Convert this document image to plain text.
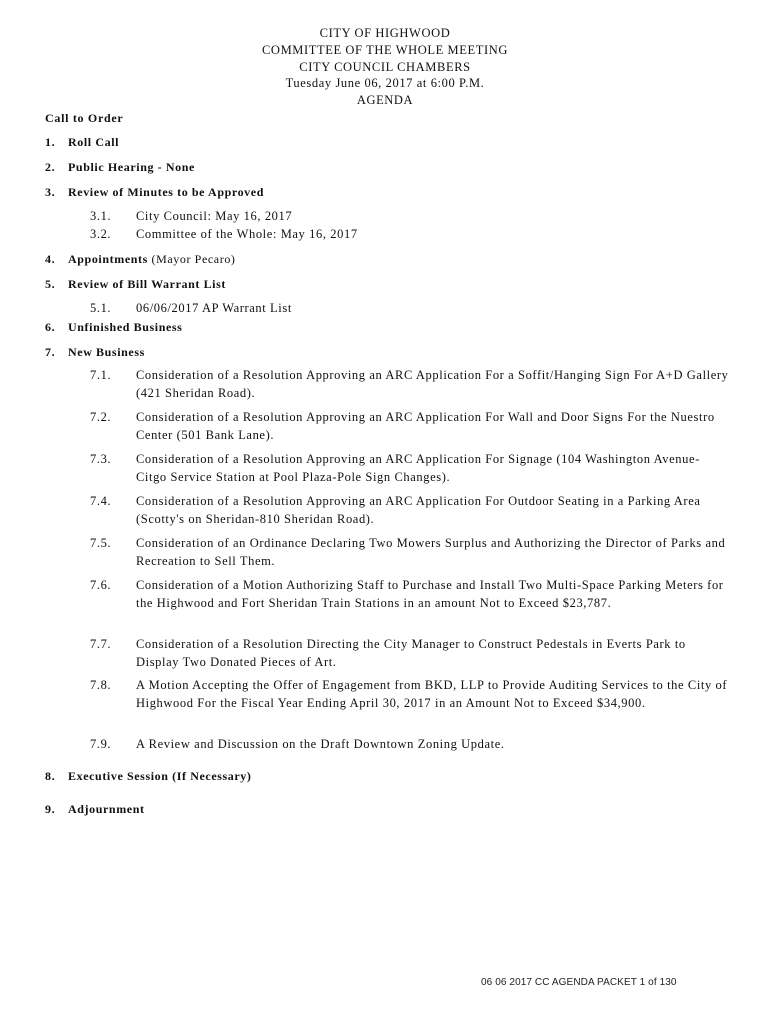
CITY OF HIGHWOOD
COMMITTEE OF THE WHOLE MEETING
CITY COUNCIL CHAMBERS
Tuesday June 06, 2017 at 6:00 P.M.
AGENDA
Call to Order
1. Roll Call
2. Public Hearing - None
3. Review of Minutes to be Approved
3.1. City Council: May 16, 2017
3.2. Committee of the Whole: May 16, 2017
4. Appointments (Mayor Pecaro)
5. Review of Bill Warrant List
5.1. 06/06/2017 AP Warrant List
6. Unfinished Business
7. New Business
7.1. Consideration of a Resolution Approving an ARC Application For a Soffit/Hanging Sign For A+D Gallery (421 Sheridan Road).
7.2. Consideration of a Resolution Approving an ARC Application For Wall and Door Signs For the Nuestro Center (501 Bank Lane).
7.3. Consideration of a Resolution Approving an ARC Application For Signage (104 Washington Avenue-Citgo Service Station at Pool Plaza-Pole Sign Changes).
7.4. Consideration of a Resolution Approving an ARC Application For Outdoor Seating in a Parking Area (Scotty's on Sheridan-810 Sheridan Road).
7.5. Consideration of an Ordinance Declaring Two Mowers Surplus and Authorizing the Director of Parks and Recreation to Sell Them.
7.6. Consideration of a Motion Authorizing Staff to Purchase and Install Two Multi-Space Parking Meters for the Highwood and Fort Sheridan Train Stations in an amount Not to Exceed $23,787.
7.7. Consideration of a Resolution Directing the City Manager to Construct Pedestals in Everts Park to Display Two Donated Pieces of Art.
7.8. A Motion Accepting the Offer of Engagement from BKD, LLP to Provide Auditing Services to the City of Highwood For the Fiscal Year Ending April 30, 2017 in an Amount Not to Exceed $34,900.
7.9. A Review and Discussion on the Draft Downtown Zoning Update.
8. Executive Session (If Necessary)
9. Adjournment
06 06 2017 CC AGENDA PACKET 1 of 130
